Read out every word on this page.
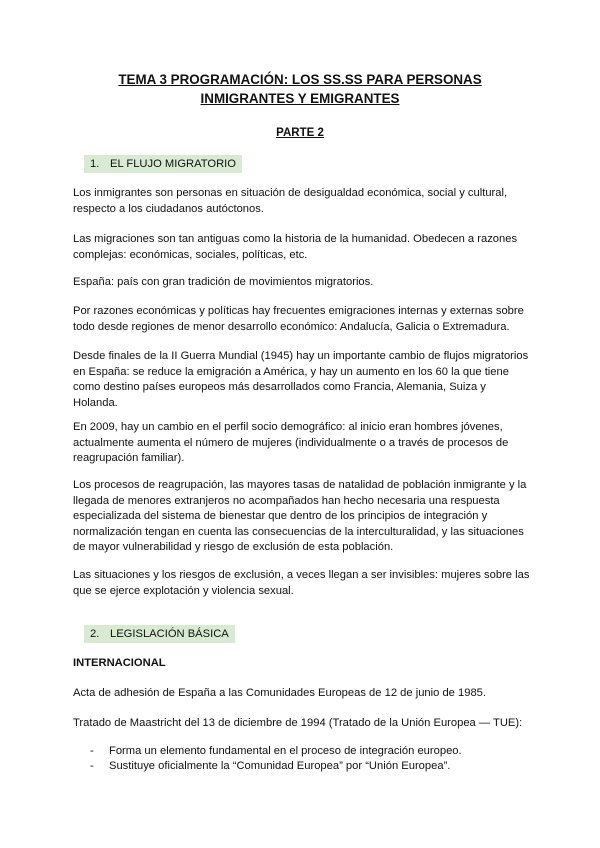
TEMA 3 PROGRAMACIÓN: LOS SS.SS PARA PERSONAS
INMIGRANTES Y EMIGRANTES
PARTE 2
1. EL FLUJO MIGRATORIO

Los inmigrantes son personas en situación de desigualdad económica, social y cultural, respecto a los ciudadanos autóctonos.

Las migraciones son tan antiguas como la historia de la humanidad. Obedecen a razones complejas: económicas, sociales, políticas, etc.

España: país con gran tradición de movimientos migratorios.

Por razones económicas y políticas hay frecuentes emigraciones internas y externas sobre todo desde regiones de menor desarrollo económico: Andalucía, Galicia o Extremadura.

Desde finales de la II Guerra Mundial (1945) hay un importante cambio de flujos migratorios en España: se reduce la emigración a América, y hay un aumento en los 60 la que tiene como destino países europeos más desarrollados como Francia, Alemania, Suiza y Holanda.

En 2009, hay un cambio en el perfil socio demográfico: al inicio eran hombres jóvenes, actualmente aumenta el número de mujeres (individualmente o a través de procesos de reagrupación familiar).

Los procesos de reagrupación, las mayores tasas de natalidad de población inmigrante y la llegada de menores extranjeros no acompañados han hecho necesaria una respuesta especializada del sistema de bienestar que dentro de los principios de integración y normalización tengan en cuenta las consecuencias de la interculturalidad, y las situaciones de mayor vulnerabilidad y riesgo de exclusión de esta población.

Las situaciones y los riesgos de exclusión, a veces llegan a ser invisibles: mujeres sobre las que se ejerce explotación y violencia sexual.

2. LEGISLACIÓN BÁSICA

INTERNACIONAL

Acta de adhesión de España a las Comunidades Europeas de 12 de junio de 1985.

Tratado de Maastricht del 13 de diciembre de 1994 (Tratado de la Unión Europea — TUE):

- Forma un elemento fundamental en el proceso de integración europeo.
- Sustituye oficialmente la “Comunidad Europea” por “Unión Europea”.
